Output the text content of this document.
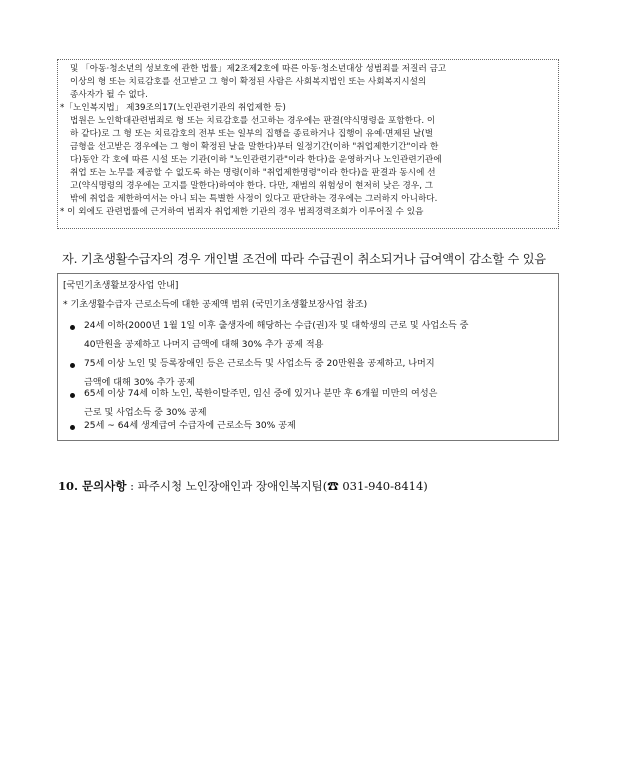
및 「아동·청소년의 성보호에 관한 법률」제2조제2호에 따른 아동·청소년대상 성범죄를 저질러 금고
이상의 형 또는 치료감호를 선고받고 그 형이 확정된 사람은 사회복지법인 또는 사회복지시설의
종사자가 될 수 없다.
*「노인복지법」 제39조의17(노인관련기관의 취업제한 등)
법원은 노인학대관련범죄로 형 또는 치료감호를 선고하는 경우에는 판결(약식명령을 포함한다. 이
하 같다)로 그 형 또는 치료감호의 전부 또는 일부의 집행을 종료하거나 집행이 유예·면제된 날(벌
금형을 선고받은 경우에는 그 형이 확정된 날을 말한다)부터 일정기간(이하 "취업제한기간"이라 한
다)동안 각 호에 따른 시설 또는 기관(이하 "노인관련기관"이라 한다)을 운영하거나 노인관련기관에
취업 또는 노무를 제공할 수 없도록 하는 명령(이하 "취업제한명령"이라 한다)을 판결과 동시에 선
고(약식명령의 경우에는 고지를 말한다)하여야 한다. 다만, 재범의 위험성이 현저히 낮은 경우, 그
밖에 취업을 제한하여서는 아니 되는 특별한 사정이 있다고 판단하는 경우에는 그러하지 아니하다.
* 이 외에도 관련법률에 근거하여 범죄자 취업제한 기관의 경우 범죄경력조회가 이루어질 수 있음
자. 기초생활수급자의 경우 개인별 조건에 따라 수급권이 취소되거나 급여액이 감소할 수 있음
[국민기초생활보장사업 안내]
* 기초생활수급자 근로소득에 대한 공제액 범위 (국민기초생활보장사업 참조)
24세 이하(2000년 1월 1일 이후 출생자에 해당하는 수급(권)자 및 대학생의 근로 및 사업소득 중
40만원을 공제하고 나머지 금액에 대해 30% 추가 공제 적용
75세 이상 노인 및 등록장애인 등은 근로소득 및 사업소득 중 20만원을 공제하고, 나머지
금액에 대해 30% 추가 공제
65세 이상 74세 이하 노인, 북한이탈주민, 임신 중에 있거나 분만 후 6개월 미만의 여성은
근로 및 사업소득 중 30% 공제
25세 ~ 64세 생계급여 수급자에 근로소득 30% 공제
10. 문의사항 : 파주시청 노인장애인과 장애인복지팀(☎ 031-940-8414)
